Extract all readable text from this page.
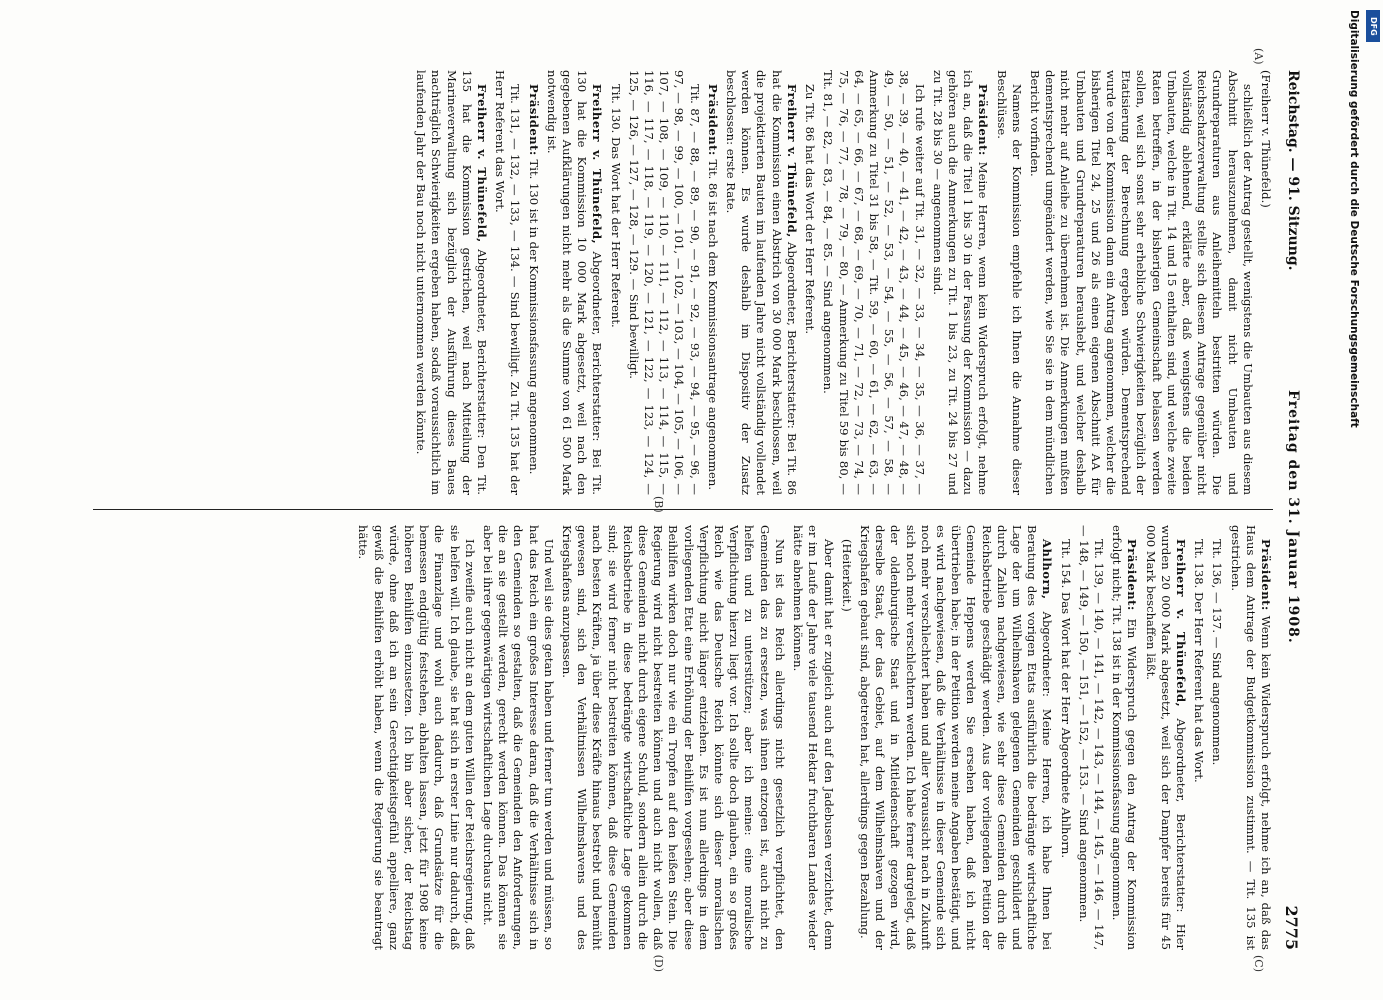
Reichstag. — 91. Sitzung.
Freitag den 31. Januar 1908.
2775

(Freiherr v. Thünefeld.)

schließlich der Antrag gestellt, wenigstens die Umbauten aus diesem Abschnitt herauszunehmen, damit nicht Umbauten und Grundreparaturen aus Anleihemitteln bestritten würden. Die Reichsschatzverwaltung stellte sich diesem Antrage gegenüber nicht vollständig ablehnend, erklärte aber, daß wenigstens die beiden Umbauten, welche in Tit. 14 und 15 enthalten sind, und welche zweite Raten betreffen, in der bisherigen Gemeinschaft belassen werden sollen, weil sich sonst sehr erhebliche Schwierigkeiten bezüglich der Etatisierung der Berechnung ergeben würden. Dementsprechend wurde von der Kommission dann ein Antrag angenommen, welcher die bisherigen Titel 24, 25 und 26 als einen eigenen Abschnitt AA für Umbauten und Grundreparaturen heraushebt, und welcher deshalb nicht mehr auf Anleihe zu übernehmen ist. Die Anmerkungen mußten dementsprechend umgeändert werden, wie Sie sie in dem mündlichen Bericht vorfinden.

Namens der Kommission empfehle ich Ihnen die Annahme dieser Beschlüsse.

Präsident: Meine Herren, wenn kein Widerspruch erfolgt, nehme ich an, daß die Titel 1 bis 30 in der Fassung der Kommission — dazu gehören auch die Anmerkungen zu Tit. 1 bis 23, zu Tit. 24 bis 27 und zu Tit. 28 bis 30 — angenommen sind.

Ich rufe weiter auf Tit. 31, — 32, — 33, — 34, — 35, — 36, — 37, — 38, — 39, — 40, — 41, — 42, — 43, — 44, — 45, — 46, — 47, — 48, — 49, — 50, — 51, — 52, — 53, — 54, — 55, — 56, — 57, — 58, — Anmerkung zu Titel 31 bis 58, — Tit. 59, — 60, — 61, — 62, — 63, — 64, — 65, — 66, — 67, — 68, — 69, — 70, — 71, — 72, — 73, — 74, — 75, — 76, — 77, — 78, — 79, — 80, — Anmerkung zu Titel 59 bis 80, — Tit. 81, — 82, — 83, — 84, — 85. — Sind angenommen.

Zu Tit. 86 hat das Wort der Herr Referent.

Freiherr v. Thünefeld, Abgeordneter, Berichterstatter: Bei Tit. 86 hat die Kommission einen Abstrich von 30 000 Mark beschlossen, weil die projektierten Bauten im laufenden Jahre nicht vollständig vollendet werden können. Es wurde deshalb im Dispositiv der Zusatz beschlossen: erste Rate.

Präsident: Tit. 86 ist nach dem Kommissionsantrage angenommen.

Tit. 87, — 88, — 89, — 90, — 91, — 92, — 93, — 94, — 95, — 96, — 97, — 98, — 99, — 100, — 101, — 102, — 103, — 104, — 105, — 106, — 107, — 108, — 109, — 110, — 111, — 112, — 113, — 114, — 115, — 116, — 117, — 118, — 119, — 120, — 121, — 122, — 123, — 124, — 125, — 126, — 127, — 128, — 129. — Sind bewilligt.

Tit. 130. Das Wort hat der Herr Referent.

Freiherr v. Thünefeld, Abgeordneter, Berichterstatter: Bei Tit. 130 hat die Kommission 10 000 Mark abgesetzt, weil nach den gegebenen Aufklärungen nicht mehr als die Summe von 61 500 Mark notwendig ist.

Präsident: Tit. 130 ist in der Kommissionsfassung angenommen.

Tit. 131, — 132, — 133, — 134. — Sind bewilligt. Zu Tit. 135 hat der Herr Referent das Wort.

Freiherr v. Thünefeld, Abgeordneter, Berichterstatter: Den Tit. 135 hat die Kommission gestrichen, weil nach Mitteilung der Marineverwaltung sich bezüglich der Ausführung dieses Baues nachträglich Schwierigkeiten ergeben haben, sodaß voraussichtlich im laufenden Jahr der Bau noch nicht unternommen werden könnte.

Präsident: Wenn kein Widerspruch erfolgt, nehme ich an, daß das Haus dem Antrage der Budgetkommission zustimmt. — Tit. 135 ist gestrichen.

Tit. 136, — 137. — Sind angenommen.

Tit. 138. Der Herr Referent hat das Wort.

Freiherr v. Thünefeld, Abgeordneter, Berichterstatter: Hier wurden 20 000 Mark abgesetzt, weil sich der Dampfer bereits für 45 000 Mark beschaffen läßt.

Präsident: Ein Widerspruch gegen den Antrag der Kommission erfolgt nicht; Tit. 138 ist in der Kommissionsfassung angenommen.

Tit. 139, — 140, — 141, — 142, — 143, — 144, — 145, — 146, — 147, — 148, — 149, — 150, — 151, — 152, — 153. — Sind angenommen.

Tit. 154. Das Wort hat der Herr Abgeordnete Ahlhorn.

Ahlhorn, Abgeordneter: Meine Herren, ich habe Ihnen bei Beratung des vorigen Etats ausführlich die bedrängte wirtschaftliche Lage der um Wilhelmshaven gelegenen Gemeinden geschildert und durch Zahlen nachgewiesen, wie sehr diese Gemeinden durch die Reichsbetriebe geschädigt werden. Aus der vorliegenden Petition der Gemeinde Heppens werden Sie ersehen haben, daß ich nicht übertrieben habe; in der Petition werden meine Angaben bestätigt, und es wird nachgewiesen, daß die Verhältnisse in dieser Gemeinde sich noch mehr verschlechtert haben und aller Voraussicht nach in Zukunft sich noch mehr verschlechtern werden. Ich habe ferner dargelegt, daß der oldenburgische Staat und in Mitleidenschaft gezogen wird, derselbe Staat, der das Gebiet, auf dem Wilhelmshaven und der Kriegshafen gebaut sind, abgetreten hat, allerdings gegen Bezahlung.

(Heiterkeit.)

Aber damit hat er zugleich auch auf den Jadebusen verzichtet, denn er im Laufe der Jahre viele tausend Hektar fruchtbaren Landes wieder hätte abnehmen können.

Nun ist das Reich allerdings nicht gesetzlich verpflichtet, den Gemeinden das zu ersetzen, was ihnen entzogen ist, auch nicht zu helfen und zu unterstützen; aber ich meine: eine moralische Verpflichtung hierzu liegt vor. Ich sollte doch glauben, ein so großes Reich wie das Deutsche Reich könnte sich dieser moralischen Verpflichtung nicht länger entziehen. Es ist nun allerdings in dem vorliegenden Etat eine Erhöhung der Beihilfen vorgesehen; aber diese Beihilfen wirken doch nur wie ein Tropfen auf den heißen Stein. Die Regierung wird nicht bestreiten können und auch nicht wollen, daß diese Gemeinden nicht durch eigene Schuld, sondern allein durch die Reichsbetriebe in diese bedrängte wirtschaftliche Lage gekommen sind; sie wird ferner nicht bestreiten können, daß diese Gemeinden nach besten Kräften, ja über diese Kräfte hinaus bestrebt und bemüht gewesen sind, sich den Verhältnissen Wilhelmshavens und des Kriegshafens anzupassen.

Und weil sie dies getan haben und ferner tun werden und müssen, so hat das Reich ein großes Interesse daran, daß die Verhältnisse sich in den Gemeinden so gestalten, daß die Gemeinden den Anforderungen, die an sie gestellt werden, gerecht werden können. Das können sie aber bei ihrer gegenwärtigen wirtschaftlichen Lage durchaus nicht.

Ich zweifle auch nicht an dem guten Willen der Reichsregierung, daß sie helfen will. Ich glaube, sie hat sich in erster Linie nur dadurch, daß die Finanzlage und wohl auch dadurch, daß Grundsätze für die bemessen endgültig feststehen, abhalten lassen, jetzt für 1908 keine höheren Beihilfen einzusetzen. Ich bin aber sicher, der Reichstag würde, ohne daß ich an sein Gerechtigkeitsgefühl appelliere, ganz gewiß die Beihilfen erhöht haben, wenn die Regierung sie beantragt hätte.

(A)
(B)
(C)
(D)
DFG
Digitalisierung gefördert durch die Deutsche Forschungsgemeinschaft
